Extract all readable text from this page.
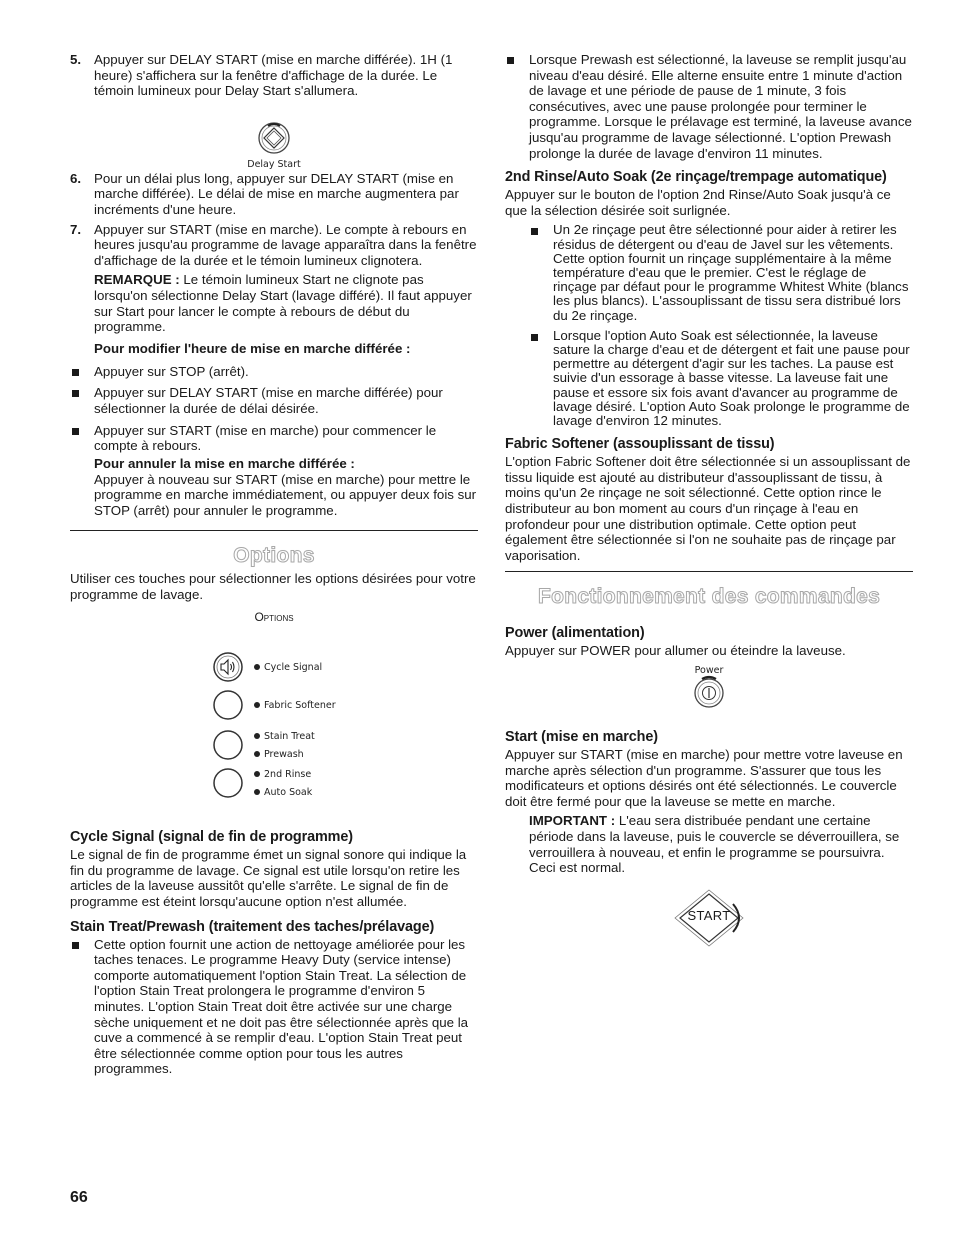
5. Appuyer sur DELAY START (mise en marche différée). 1H (1 heure) s'affichera sur la fenêtre d'affichage de la durée. Le témoin lumineux pour Delay Start s'allumera.

Delay Start
6. Pour un délai plus long, appuyer sur DELAY START (mise en marche différée). Le délai de mise en marche augmentera par incréments d'une heure.

7. Appuyer sur START (mise en marche). Le compte à rebours en heures jusqu'au programme de lavage apparaîtra dans la fenêtre d'affichage de la durée et le témoin lumineux clignotera.

REMARQUE : Le témoin lumineux Start ne clignote pas lorsqu'on sélectionne Delay Start (lavage différé). Il faut appuyer sur Start pour lancer le compte à rebours de début du programme.

Pour modifier l'heure de mise en marche différée :
Appuyer sur STOP (arrêt).
Appuyer sur DELAY START (mise en marche différée) pour sélectionner la durée de délai désirée.
Appuyer sur START (mise en marche) pour commencer le compte à rebours.
Pour annuler la mise en marche différée :

Appuyer à nouveau sur START (mise en marche) pour mettre le programme en marche immédiatement, ou appuyer deux fois sur STOP (arrêt) pour annuler le programme.

Options

Utiliser ces touches pour sélectionner les options désirées pour votre programme de lavage.

Options
Cycle Signal
Fabric Softener
Stain Treat
Prewash
2nd Rinse
Auto Soak
Cycle Signal (signal de fin de programme)

Le signal de fin de programme émet un signal sonore qui indique la fin du programme de lavage. Ce signal est utile lorsqu'on retire les articles de la laveuse aussitôt qu'elle s'arrête. Le signal de fin de programme est éteint lorsqu'aucune option n'est allumée.

Stain Treat/Prewash (traitement des taches/prélavage)
Cette option fournit une action de nettoyage améliorée pour les taches tenaces. Le programme Heavy Duty (service intense) comporte automatiquement l'option Stain Treat. La sélection de l'option Stain Treat prolongera le programme d'environ 5 minutes. L'option Stain Treat doit être activée sur une charge sèche uniquement et ne doit pas être sélectionnée après que la cuve a commencé à se remplir d'eau. L'option Stain Treat peut être sélectionnée comme option pour tous les autres programmes.
Lorsque Prewash est sélectionné, la laveuse se remplit jusqu'au niveau d'eau désiré. Elle alterne ensuite entre 1 minute d'action de lavage et une période de pause de 1 minute, 3 fois consécutives, avec une pause prolongée pour terminer le programme. Lorsque le prélavage est terminé, la laveuse avance jusqu'au programme de lavage sélectionné. L'option Prewash prolonge la durée de lavage d'environ 11 minutes.
2nd Rinse/Auto Soak (2e rinçage/trempage automatique)

Appuyer sur le bouton de l'option 2nd Rinse/Auto Soak jusqu'à ce que la sélection désirée soit surlignée.

Un 2e rinçage peut être sélectionné pour aider à retirer les résidus de détergent ou d'eau de Javel sur les vêtements. Cette option fournit un rinçage supplémentaire à la même température d'eau que le premier. C'est le réglage de rinçage par défaut pour le programme Whitest White (blancs les plus blancs). L'assouplissant de tissu sera distribué lors du 2e rinçage.
Lorsque l'option Auto Soak est sélectionnée, la laveuse sature la charge d'eau et de détergent et fait une pause pour permettre au détergent d'agir sur les taches. La pause est suivie d'un essorage à basse vitesse. La laveuse fait une pause et essore six fois avant d'avancer au programme de lavage désiré. L'option Auto Soak prolonge le programme de lavage d'environ 12 minutes.
Fabric Softener (assouplissant de tissu)

L'option Fabric Softener doit être sélectionnée si un assouplissant de tissu liquide est ajouté au distributeur d'assouplissant de tissu, à moins qu'un 2e rinçage ne soit sélectionné. Cette option rince le distributeur au bon moment au cours d'un rinçage à l'eau en profondeur pour une distribution optimale. Cette option peut également être sélectionnée si l'on ne souhaite pas de rinçage par vaporisation.

Fonctionnement des commandes
Power (alimentation)

Appuyer sur POWER pour allumer ou éteindre la laveuse.

Power
Start (mise en marche)

Appuyer sur START (mise en marche) pour mettre votre laveuse en marche après sélection d'un programme. S'assurer que tous les modificateurs et options désirés ont été sélectionnés. Le couvercle doit être fermé pour que la laveuse se mette en marche.

IMPORTANT : L'eau sera distribuée pendant une certaine période dans la laveuse, puis le couvercle se déverrouillera, se verrouillera à nouveau, et enfin le programme se poursuivra. Ceci est normal.

START
66
